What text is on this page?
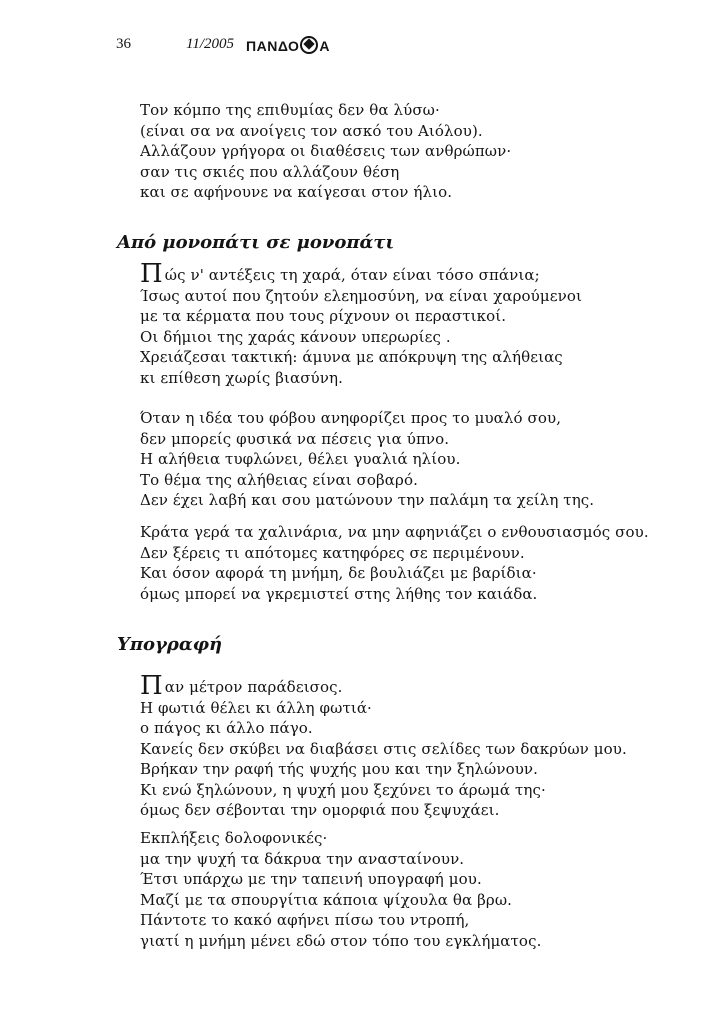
36	11/2005 ΠΑΝΔΟ Α
Τον κόμπο της επιθυμίας δεν θα λύσω·
(είναι σα να ανοίγεις τον ασκό του Αιόλου).
Αλλάζουν γρήγορα οι διαθέσεις των ανθρώπων·
σαν τις σκιές που αλλάζουν θέση
και σε αφήνουνε να καίγεσαι στον ήλιο.
Από μονοπάτι σε μονοπάτι
Πώς ν' αντέξεις τη χαρά, όταν είναι τόσο σπάνια;
Ίσως αυτοί που ζητούν ελεημοσύνη, να είναι χαρούμενοι
με τα κέρματα που τους ρίχνουν οι περαστικοί.
Οι δήμιοι της χαράς κάνουν υπερωρίες .
Χρειάζεσαι τακτική: άμυνα με απόκρυψη της αλήθειας
κι επίθεση χωρίς βιασύνη.
Όταν η ιδέα του φόβου ανηφορίζει προς το μυαλό σου,
δεν μπορείς φυσικά να πέσεις για ύπνο.
Η αλήθεια τυφλώνει, θέλει γυαλιά ηλίου.
Το θέμα της αλήθειας είναι σοβαρό.
Δεν έχει λαβή και σου ματώνουν την παλάμη τα χείλη της.
Κράτα γερά τα χαλινάρια, να μην αφηνιάζει ο ενθουσιασμός σου.
Δεν ξέρεις τι απότομες κατηφόρες σε περιμένουν.
Και όσον αφορά τη μνήμη, δε βουλιάζει με βαρίδια·
όμως μπορεί να γκρεμιστεί στης λήθης τον καιάδα.
Υπογραφή
Παν μέτρον παράδεισος.
Η φωτιά θέλει κι άλλη φωτιά·
ο πάγος κι άλλο πάγο.
Κανείς δεν σκύβει να διαβάσει στις σελίδες των δακρύων μου.
Βρήκαν την ραφή τής ψυχής μου και την ξηλώνουν.
Κι ενώ ξηλώνουν, η ψυχή μου ξεχύνει το άρωμά της·
όμως δεν σέβονται την ομορφιά που ξεψυχάει.
Εκπλήξεις δολοφονικές·
μα την ψυχή τα δάκρυα την ανασταίνουν.
Έτσι υπάρχω με την ταπεινή υπογραφή μου.
Μαζί με τα σπουργίτια κάποια ψίχουλα θα βρω.
Πάντοτε το κακό αφήνει πίσω του ντροπή,
γιατί η μνήμη μένει εδώ στον τόπο του εγκλήματος.
